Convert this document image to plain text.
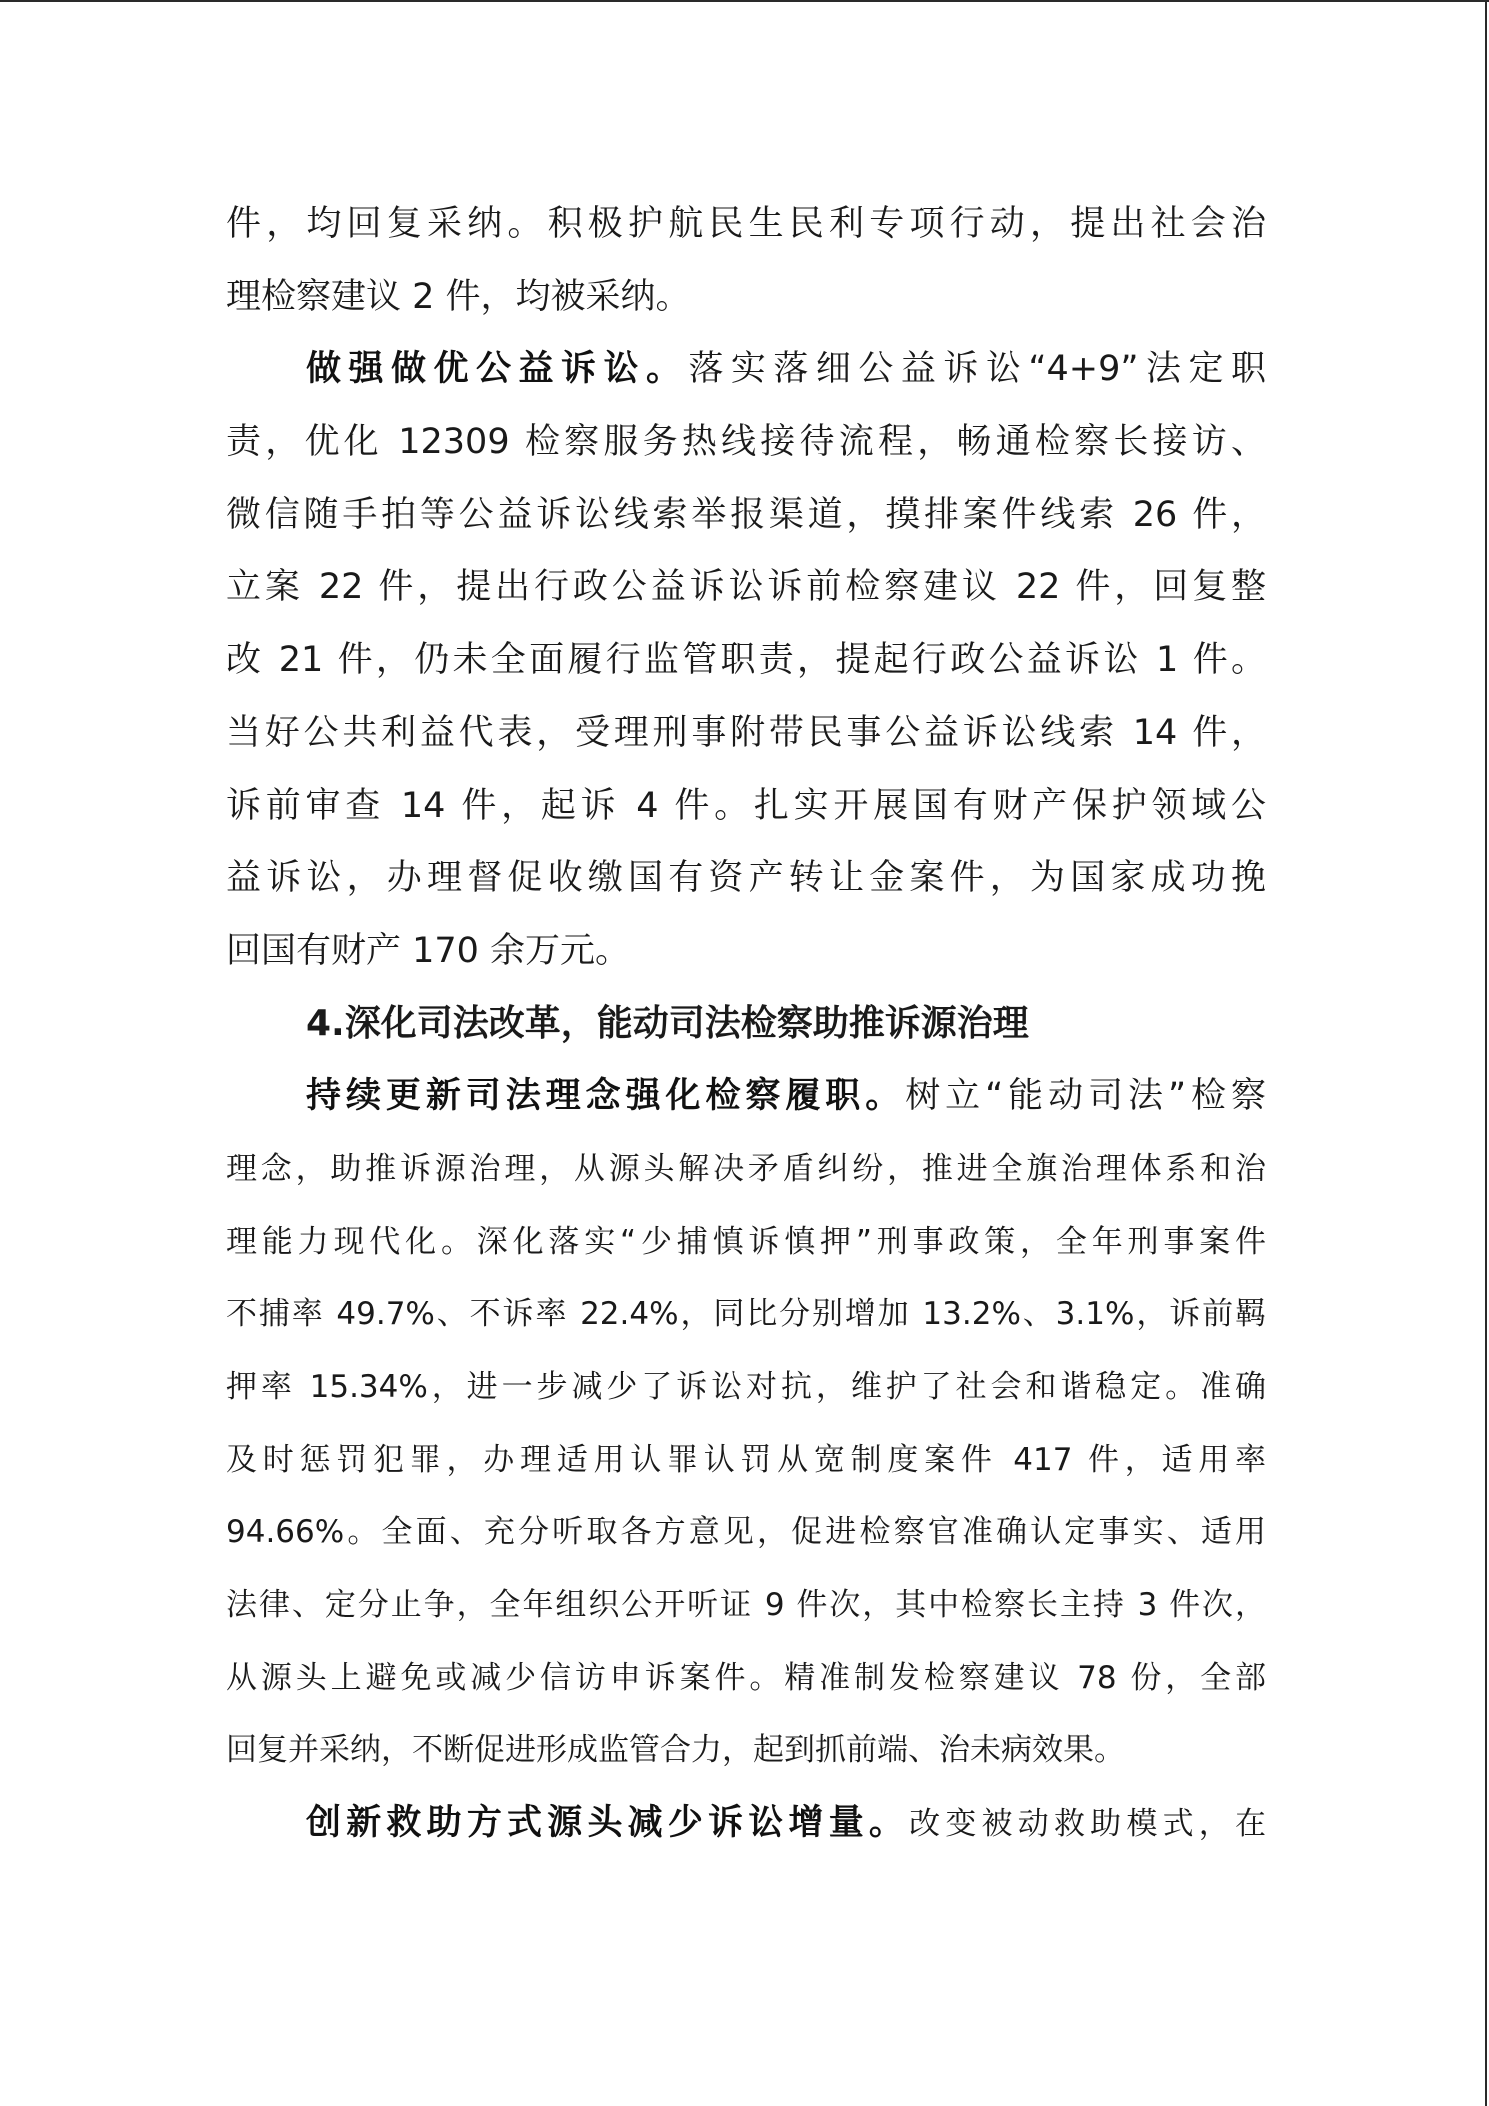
件，均回复采纳。积极护航民生民利专项行动，提出社会治
理检察建议 2 件，均被采纳。
做强做优公益诉讼。落实落细公益诉讼“4+9”法定职
责，优化 12309 检察服务热线接待流程，畅通检察长接访、
微信随手拍等公益诉讼线索举报渠道，摸排案件线索 26 件，
立案 22 件，提出行政公益诉讼诉前检察建议 22 件，回复整
改 21 件，仍未全面履行监管职责，提起行政公益诉讼 1 件。
当好公共利益代表，受理刑事附带民事公益诉讼线索 14 件，
诉前审查 14 件，起诉 4 件。扎实开展国有财产保护领域公
益诉讼，办理督促收缴国有资产转让金案件，为国家成功挽
回国有财产 170 余万元。
4.深化司法改革，能动司法检察助推诉源治理
持续更新司法理念强化检察履职。树立“能动司法”检察
理念，助推诉源治理，从源头解决矛盾纠纷，推进全旗治理体系和治
理能力现代化。深化落实“少捕慎诉慎押”刑事政策，全年刑事案件
不捕率 49.7%、不诉率 22.4%，同比分别增加 13.2%、3.1%，诉前羁
押率 15.34%，进一步减少了诉讼对抗，维护了社会和谐稳定。准确
及时惩罚犯罪，办理适用认罪认罚从宽制度案件 417 件，适用率
94.66%。全面、充分听取各方意见，促进检察官准确认定事实、适用
法律、定分止争，全年组织公开听证 9 件次，其中检察长主持 3 件次，
从源头上避免或减少信访申诉案件。精准制发检察建议 78 份，全部
回复并采纳，不断促进形成监管合力，起到抓前端、治未病效果。
创新救助方式源头减少诉讼增量。改变被动救助模式，在
